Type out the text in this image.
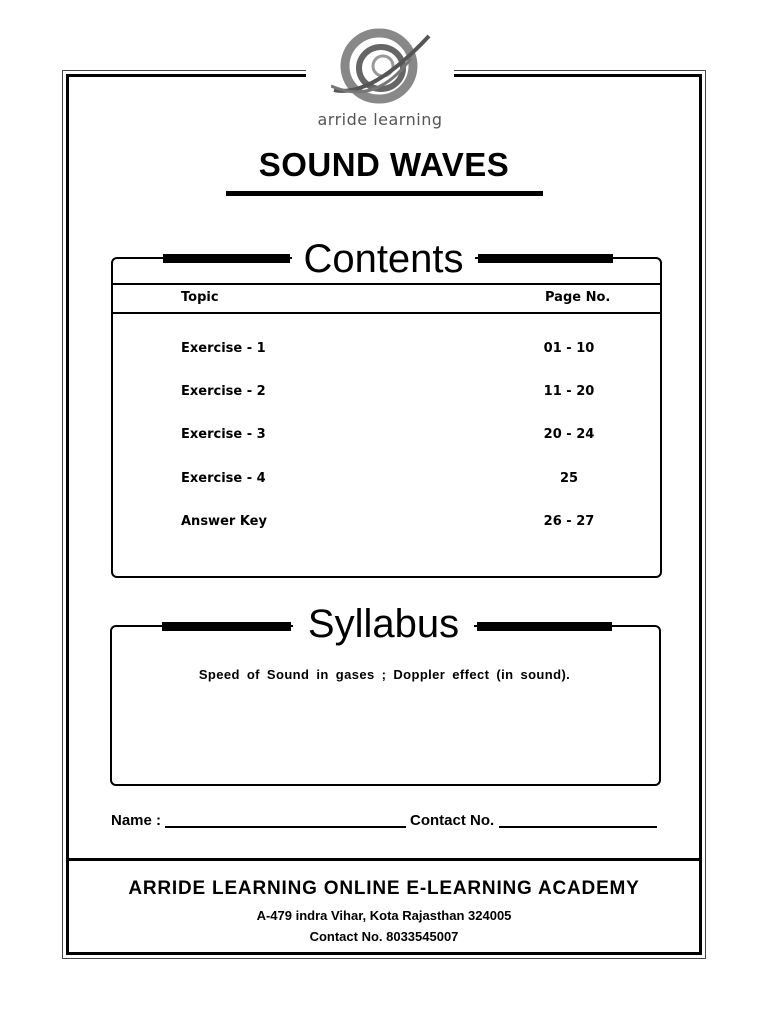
arride learning
SOUND WAVES
Contents
Topic	Page No.
Exercise - 1	01 - 10
Exercise - 2	11 - 20
Exercise - 3	20 - 24
Exercise - 4	25
Answer Key	26 - 27
Syllabus
Speed of Sound in gases ; Doppler effect (in sound).
Name :	Contact No.
ARRIDE LEARNING ONLINE E-LEARNING ACADEMY
A-479 indra Vihar, Kota Rajasthan 324005
Contact No. 8033545007
